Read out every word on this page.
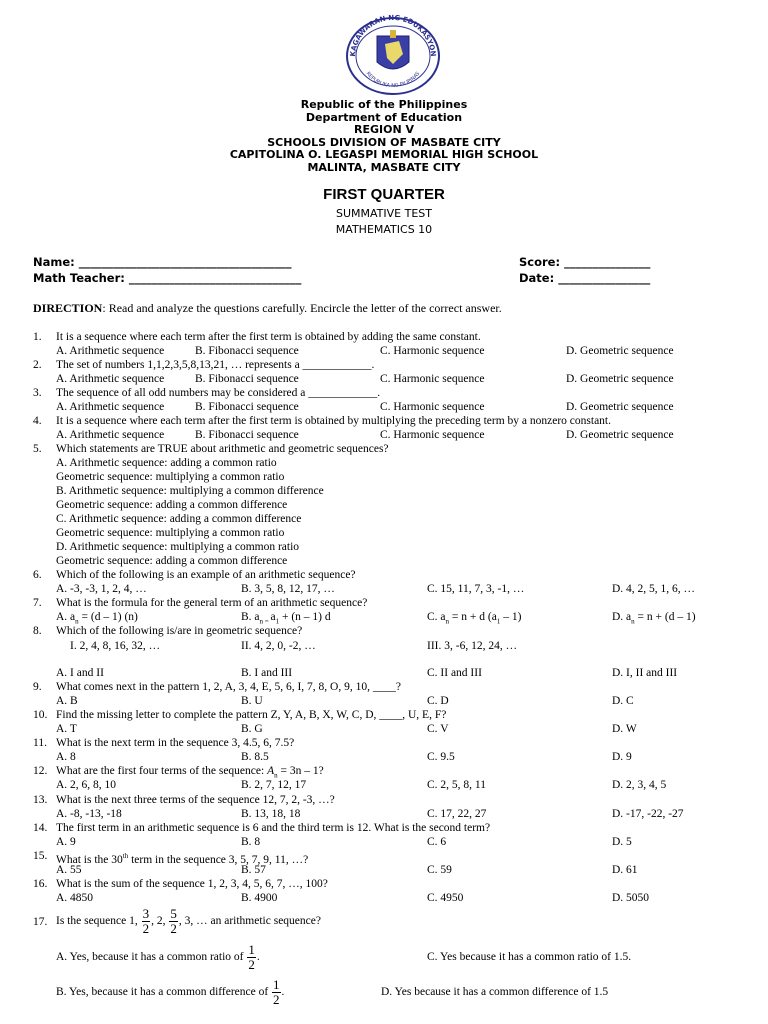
KAGAWARAN NG EDUKASYON
REPUBLIKA NG PILIPINAS
Republic of the Philippines
Department of Education
REGION V
SCHOOLS DIVISION OF MASBATE CITY
CAPITOLINA O. LEGASPI MEMORIAL HIGH SCHOOL
MALINTA, MASBATE CITY
FIRST QUARTER
SUMMATIVE TEST
MATHEMATICS 10
Name: _____________________________________
Math Teacher: ______________________________
Score: _______________
Date: ________________
DIRECTION: Read and analyze the questions carefully. Encircle the letter of the correct answer.
1. It is a sequence where each term after the first term is obtained by adding the same constant.
A. Arithmetic sequence	B. Fibonacci sequence	C. Harmonic sequence	D. Geometric sequence
2. The set of numbers 1,1,2,3,5,8,13,21, … represents a ____________.
A. Arithmetic sequence	B. Fibonacci sequence	C. Harmonic sequence	D. Geometric sequence
3. The sequence of all odd numbers may be considered a ____________.
A. Arithmetic sequence	B. Fibonacci sequence	C. Harmonic sequence	D. Geometric sequence
4. It is a sequence where each term after the first term is obtained by multiplying the preceding term by a nonzero constant.
A. Arithmetic sequence	B. Fibonacci sequence	C. Harmonic sequence	D. Geometric sequence
5. Which statements are TRUE about arithmetic and geometric sequences?
A. Arithmetic sequence: adding a common ratio
Geometric sequence: multiplying a common ratio
B. Arithmetic sequence: multiplying a common difference
Geometric sequence: adding a common difference
C. Arithmetic sequence: adding a common difference
Geometric sequence: multiplying a common ratio
D. Arithmetic sequence: multiplying a common ratio
Geometric sequence: adding a common difference
6. Which of the following is an example of an arithmetic sequence?
A. -3, -3, 1, 2, 4, …	B. 3, 5, 8, 12, 17, …	C. 15, 11, 7, 3, -1, …	D. 4, 2, 5, 1, 6, …
7. What is the formula for the general term of an arithmetic sequence?
A. $a_n = (d - 1)$ (n)	B. $a_{n =}$ $a_1 + (n - 1)$ d	C. $a_n = n + d$ $(a_1 - 1)$	D. $a_n = n + (d - 1)$
8. Which of the following is/are in geometric sequence?
I. 2, 4, 8, 16, 32, …	II. 4, 2, 0, -2, …	III. 3, -6, 12, 24, …
A. I and II	B. I and III	C. II and III	D. I, II and III
9. What comes next in the pattern 1, 2, A, 3, 4, E, 5, 6, I, 7, 8, O, 9, 10, ____?
A. B	B. U	C. D	D. C
10. Find the missing letter to complete the pattern Z, Y, A, B, X, W, C, D, ____, U, E, F?
A. T	B. G	C. V	D. W
11. What is the next term in the sequence 3, 4.5, 6, 7.5?
A. 8	B. 8.5	C. 9.5	D. 9
12. What are the first four terms of the sequence: $A_n = 3n - 1$?
A. 2, 6, 8, 10	B. 2, 7, 12, 17	C. 2, 5, 8, 11	D. 2, 3, 4, 5
13. What is the next three terms of the sequence 12, 7, 2, -3, …?
A. -8, -13, -18	B. 13, 18, 18	C. 17, 22, 27	D. -17, -22, -27
14. The first term in an arithmetic sequence is 6 and the third term is 12. What is the second term?
A. 9	B. 8	C. 6	D. 5
15. What is the 30th term in the sequence 3, 5, 7, 9, 11, …?
A. 55	B. 57	C. 59	D. 61
16. What is the sum of the sequence 1, 2, 3, 4, 5, 6, 7, …, 100?
A. 4850	B. 4900	C. 4950	D. 5050
17. Is the sequence 1, $\frac{3}{2}$ , 2, $\frac{5}{2}$ , 3, … an arithmetic sequence?
A. Yes, because it has a common ratio of $\frac{1}{2}$ .	C. Yes because it has a common ratio of 1.5.
B. Yes, because it has a common difference of $\frac{1}{2}$ .	D. Yes because it has a common difference of 1.5
